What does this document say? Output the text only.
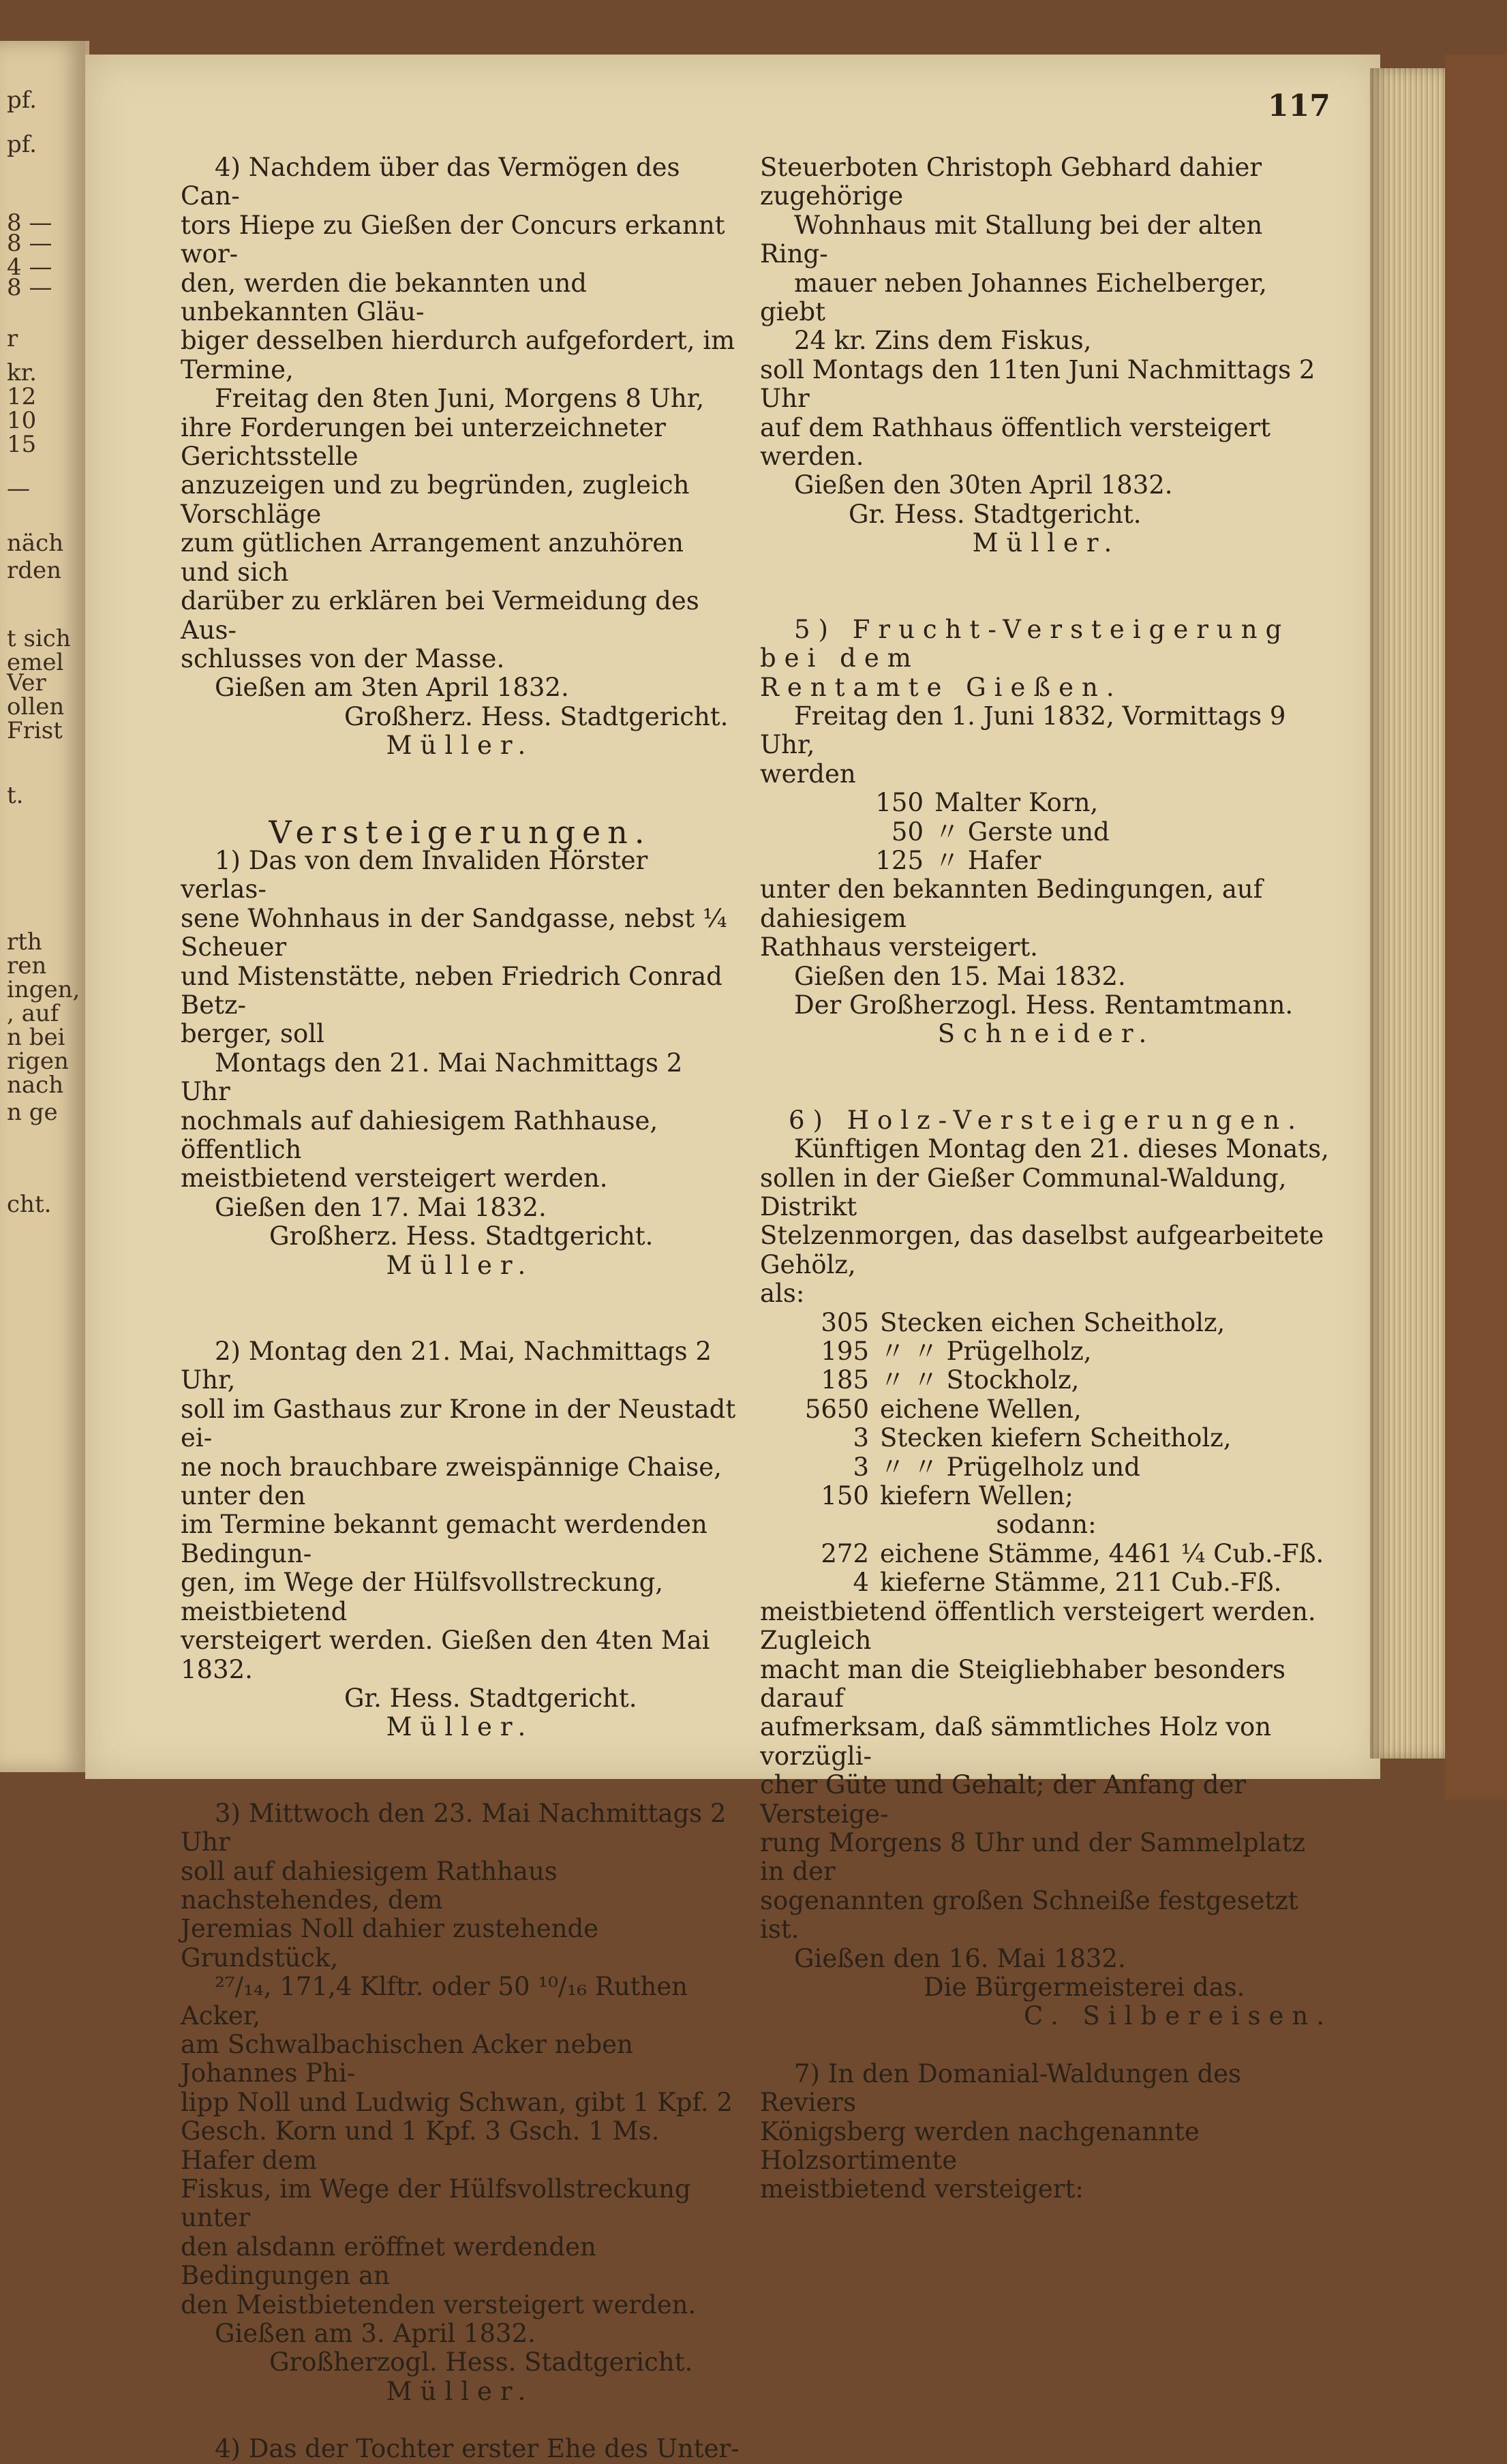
pf.
pf.
8 —
8 —
4 —
8 —
r
kr.
12
10
15
—
näch
rden
t sich
emel
Ver
ollen
Frist
t.
rth
ren
ingen,
, auf
n bei
rigen
nach
n ge
cht.
117

4) Nachdem über das Vermögen des Can-

tors Hiepe zu Gießen der Concurs erkannt wor-

den, werden die bekannten und unbekannten Gläu-

biger desselben hierdurch aufgefordert, im Termine,

Freitag den 8ten Juni, Morgens 8 Uhr,

ihre Forderungen bei unterzeichneter Gerichtsstelle

anzuzeigen und zu begründen, zugleich Vorschläge

zum gütlichen Arrangement anzuhören und sich

darüber zu erklären bei Vermeidung des Aus-

schlusses von der Masse.

Gießen am 3ten April 1832.

Großherz. Hess. Stadtgericht.

Müller.

Versteigerungen.

1) Das von dem Invaliden Hörster verlas-

sene Wohnhaus in der Sandgasse, nebst ¼ Scheuer

und Mistenstätte, neben Friedrich Conrad Betz-

berger, soll

Montags den 21. Mai Nachmittags 2 Uhr

nochmals auf dahiesigem Rathhause, öffentlich

meistbietend versteigert werden.

Gießen den 17. Mai 1832.

Großherz. Hess. Stadtgericht.

Müller.

2) Montag den 21. Mai, Nachmittags 2 Uhr,

soll im Gasthaus zur Krone in der Neustadt ei-

ne noch brauchbare zweispännige Chaise, unter den

im Termine bekannt gemacht werdenden Bedingun-

gen, im Wege der Hülfsvollstreckung, meistbietend

versteigert werden. Gießen den 4ten Mai 1832.

Gr. Hess. Stadtgericht.

Müller.

3) Mittwoch den 23. Mai Nachmittags 2 Uhr

soll auf dahiesigem Rathhaus nachstehendes, dem

Jeremias Noll dahier zustehende Grundstück,

²⁷/₁₄, 171,4 Klftr. oder 50 ¹⁰/₁₆ Ruthen Acker,

am Schwalbachischen Acker neben Johannes Phi-

lipp Noll und Ludwig Schwan, gibt 1 Kpf. 2

Gesch. Korn und 1 Kpf. 3 Gsch. 1 Ms. Hafer dem

Fiskus, im Wege der Hülfsvollstreckung unter

den alsdann eröffnet werdenden Bedingungen an

den Meistbietenden versteigert werden.

Gießen am 3. April 1832.

Großherzogl. Hess. Stadtgericht.

Müller.

4) Das der Tochter erster Ehe des Unter-

Steuerboten Christoph Gebhard dahier zugehörige

Wohnhaus mit Stallung bei der alten Ring-

mauer neben Johannes Eichelberger, giebt

24 kr. Zins dem Fiskus,

soll Montags den 11ten Juni Nachmittags 2 Uhr

auf dem Rathhaus öffentlich versteigert werden.

Gießen den 30ten April 1832.

Gr. Hess. Stadtgericht.

Müller.

5) Frucht-Versteigerung bei dem

Rentamte Gießen.

Freitag den 1. Juni 1832, Vormittags 9 Uhr,

werden

150 Malter Korn,

50 〃 Gerste und

125 〃 Hafer

unter den bekannten Bedingungen, auf dahiesigem

Rathhaus versteigert.

Gießen den 15. Mai 1832.

Der Großherzogl. Hess. Rentamtmann.

Schneider.

6) Holz-Versteigerungen.

Künftigen Montag den 21. dieses Monats,

sollen in der Gießer Communal-Waldung, Distrikt

Stelzenmorgen, das daselbst aufgearbeitete Gehölz,

als:

305 Stecken eichen Scheitholz,

195 〃 〃 Prügelholz,

185 〃 〃 Stockholz,

5650 eichene Wellen,

3 Stecken kiefern Scheitholz,

3 〃 〃 Prügelholz und

150 kiefern Wellen;

sodann:

272 eichene Stämme, 4461 ¼ Cub.-Fß.

4 kieferne Stämme, 211 Cub.-Fß.

meistbietend öffentlich versteigert werden. Zugleich

macht man die Steigliebhaber besonders darauf

aufmerksam, daß sämmtliches Holz von vorzügli-

cher Güte und Gehalt; der Anfang der Versteige-

rung Morgens 8 Uhr und der Sammelplatz in der

sogenannten großen Schneiße festgesetzt ist.

Gießen den 16. Mai 1832.

Die Bürgermeisterei das.

C. Silbereisen.

7) In den Domanial-Waldungen des Reviers

Königsberg werden nachgenannte Holzsortimente

meistbietend versteigert:
